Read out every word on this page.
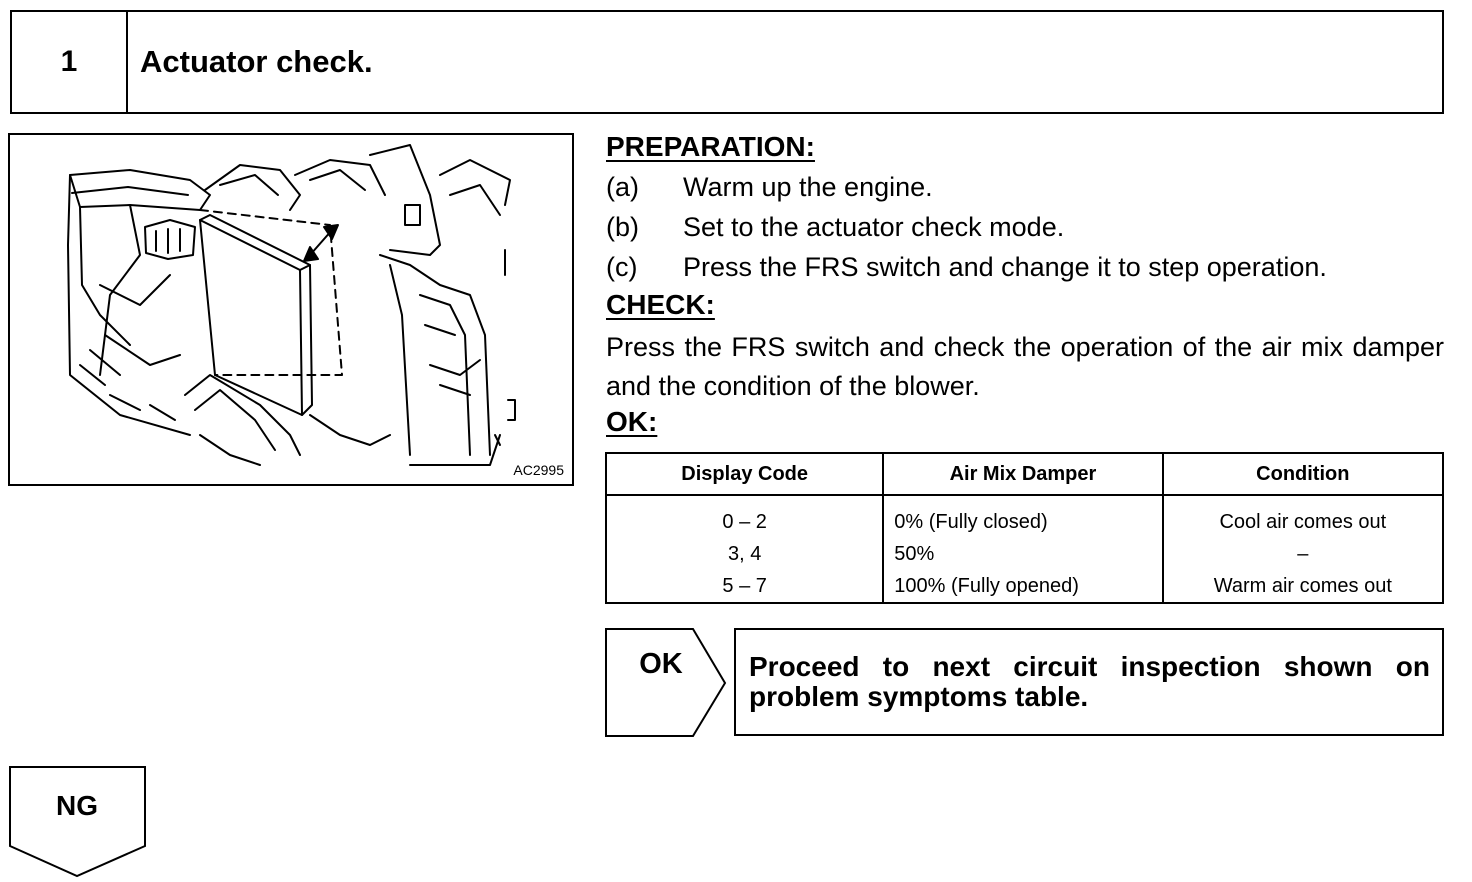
1	Actuator check.
AC2995
PREPARATION:
(a) Warm up the engine.
(b) Set to the actuator check mode.
(c) Press the FRS switch and change it to step operation.
CHECK:
Press the FRS switch and check the operation of the air mix damper and the condition of the blower.
OK:
Display Code	Air Mix Damper	Condition
0 – 2	0% (Fully closed)	Cool air comes out
3, 4	50%	–
5 – 7	100% (Fully opened)	Warm air comes out
OK	Proceed to next circuit inspection shown on problem symptoms table.
NG
